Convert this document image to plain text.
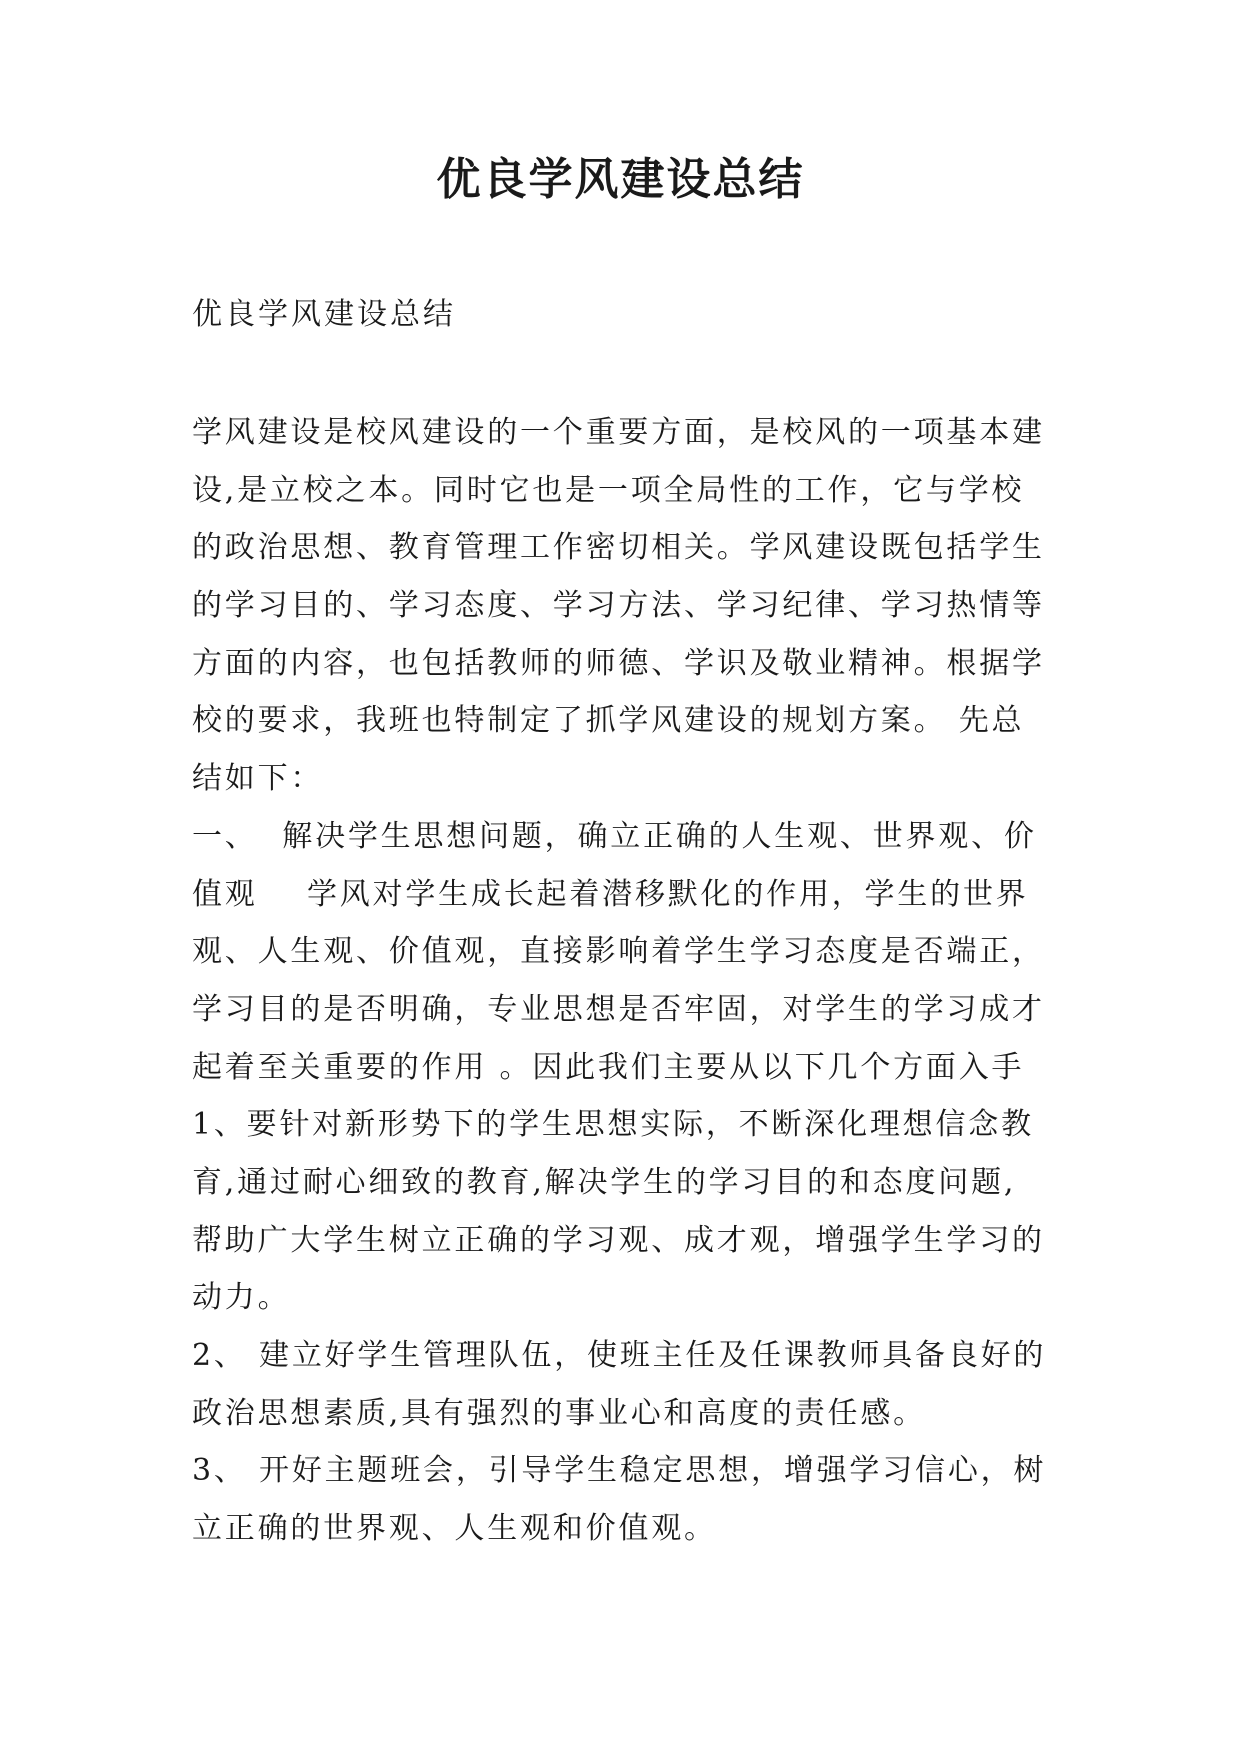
优良学风建设总结

优良学风建设总结

学风建设是校风建设的一个重要方面，是校风的一项基本建

设,是立校之本。同时它也是一项全局性的工作，它与学校

的政治思想、教育管理工作密切相关。学风建设既包括学生

的学习目的、学习态度、学习方法、学习纪律、学习热情等

方面的内容，也包括教师的师德、学识及敬业精神。根据学

校的要求，我班也特制定了抓学风建设的规划方案。 先总

结如下：

一、  解决学生思想问题，确立正确的人生观、世界观、价

值观    学风对学生成长起着潜移默化的作用，学生的世界

观、人生观、价值观，直接影响着学生学习态度是否端正，

学习目的是否明确，专业思想是否牢固，对学生的学习成才

起着至关重要的作用 。因此我们主要从以下几个方面入手

1、要针对新形势下的学生思想实际，不断深化理想信念教

育,通过耐心细致的教育,解决学生的学习目的和态度问题,

帮助广大学生树立正确的学习观、成才观，增强学生学习的

动力。

2、 建立好学生管理队伍，使班主任及任课教师具备良好的

政治思想素质,具有强烈的事业心和高度的责任感。

3、 开好主题班会，引导学生稳定思想，增强学习信心，树

立正确的世界观、人生观和价值观。
